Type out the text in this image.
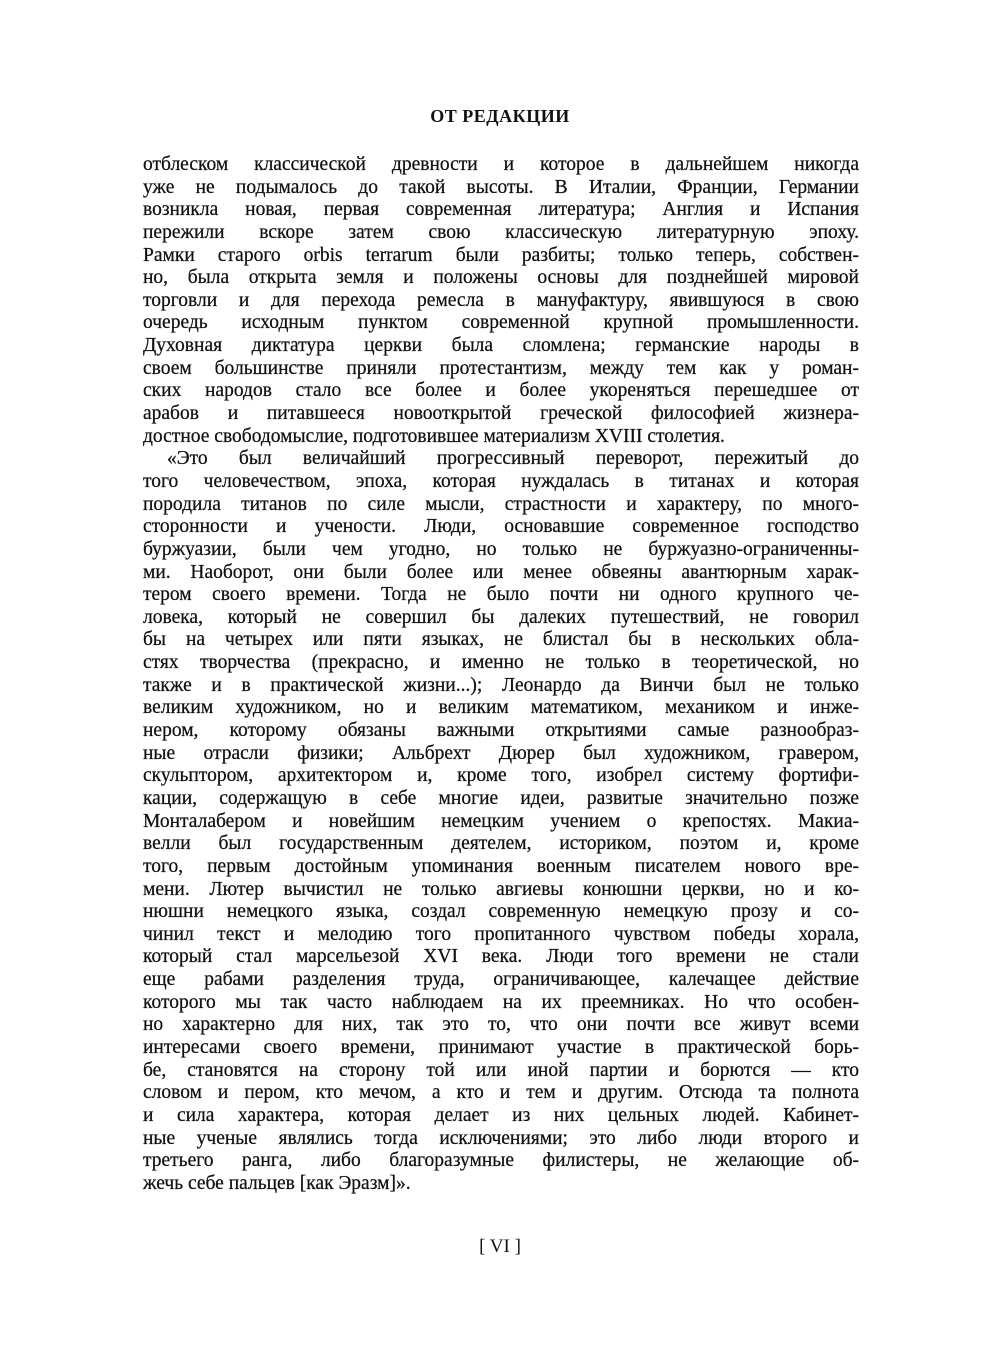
ОТ РЕДАКЦИИ
отблеском классической древности и которое в дальнейшем никогда
уже не подымалось до такой высоты. В Италии, Франции, Германии
возникла новая, первая современная литература; Англия и Испания
пережили вскоре затем свою классическую литературную эпоху.
Рамки старого orbis terrarum были разбиты; только теперь, собствен-
но, была открыта земля и положены основы для позднейшей мировой
торговли и для перехода ремесла в мануфактуру, явившуюся в свою
очередь исходным пунктом современной крупной промышленности.
Духовная диктатура церкви была сломлена; германские народы в
своем большинстве приняли протестантизм, между тем как у роман-
ских народов стало все более и более укореняться перешедшее от
арабов и питавшееся новооткрытой греческой философией жизнера-
достное свободомыслие, подготовившее материализм XVIII столетия.
«Это был величайший прогрессивный переворот, пережитый до
того человечеством, эпоха, которая нуждалась в титанах и которая
породила титанов по силе мысли, страстности и характеру, по много-
сторонности и учености. Люди, основавшие современное господство
буржуазии, были чем угодно, но только не буржуазно-ограниченны-
ми. Наоборот, они были более или менее обвеяны авантюрным харак-
тером своего времени. Тогда не было почти ни одного крупного че-
ловека, который не совершил бы далеких путешествий, не говорил
бы на четырех или пяти языках, не блистал бы в нескольких обла-
стях творчества (прекрасно, и именно не только в теоретической, но
также и в практической жизни...); Леонардо да Винчи был не только
великим художником, но и великим математиком, механиком и инже-
нером, которому обязаны важными открытиями самые разнообраз-
ные отрасли физики; Альбрехт Дюрер был художником, гравером,
скульптором, архитектором и, кроме того, изобрел систему фортифи-
кации, содержащую в себе многие идеи, развитые значительно позже
Монталабером и новейшим немецким учением о крепостях. Макиа-
велли был государственным деятелем, историком, поэтом и, кроме
того, первым достойным упоминания военным писателем нового вре-
мени. Лютер вычистил не только авгиевы конюшни церкви, но и ко-
нюшни немецкого языка, создал современную немецкую прозу и со-
чинил текст и мелодию того пропитанного чувством победы хорала,
который стал марсельезой XVI века. Люди того времени не стали
еще рабами разделения труда, ограничивающее, калечащее действие
которого мы так часто наблюдаем на их преемниках. Но что особен-
но характерно для них, так это то, что они почти все живут всеми
интересами своего времени, принимают участие в практической борь-
бе, становятся на сторону той или иной партии и борются — кто
словом и пером, кто мечом, а кто и тем и другим. Отсюда та полнота
и сила характера, которая делает из них цельных людей. Кабинет-
ные ученые являлись тогда исключениями; это либо люди второго и
третьего ранга, либо благоразумные филистеры, не желающие об-
жечь себе пальцев [как Эразм]».
[ VI ]
